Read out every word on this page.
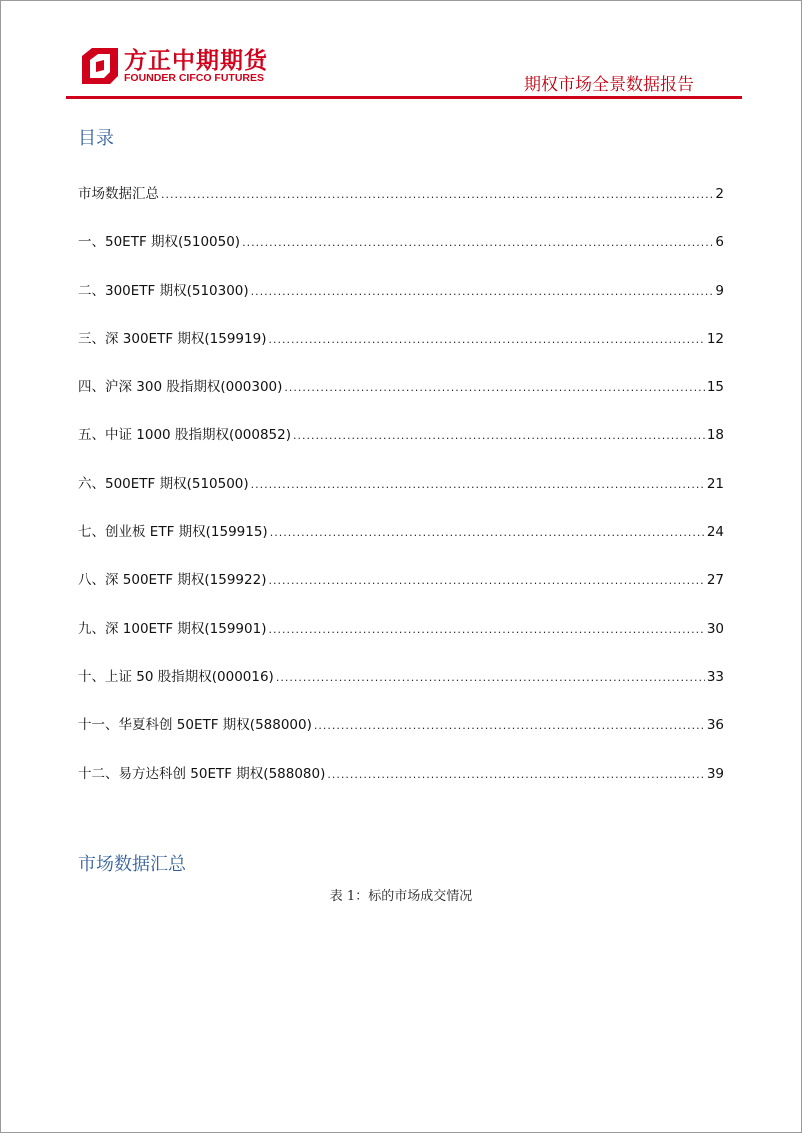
方正中期期货
FOUNDER CIFCO FUTURES	期权市场全景数据报告
目录
市场数据汇总 .....	2
一、50ETF 期权(510050) .....	6
二、300ETF 期权(510300) .....	9
三、深 300ETF 期权(159919) .....	12
四、沪深 300 股指期权(000300) .....	15
五、中证 1000 股指期权(000852) .....	18
六、500ETF 期权(510500) .....	21
七、创业板 ETF 期权(159915) .....	24
八、深 500ETF 期权(159922) .....	27
九、深 100ETF 期权(159901) .....	30
十、上证 50 股指期权(000016) .....	33
十一、华夏科创 50ETF 期权(588000) .....	36
十二、易方达科创 50ETF 期权(588080) .....	39
市场数据汇总
表 1：标的市场成交情况
